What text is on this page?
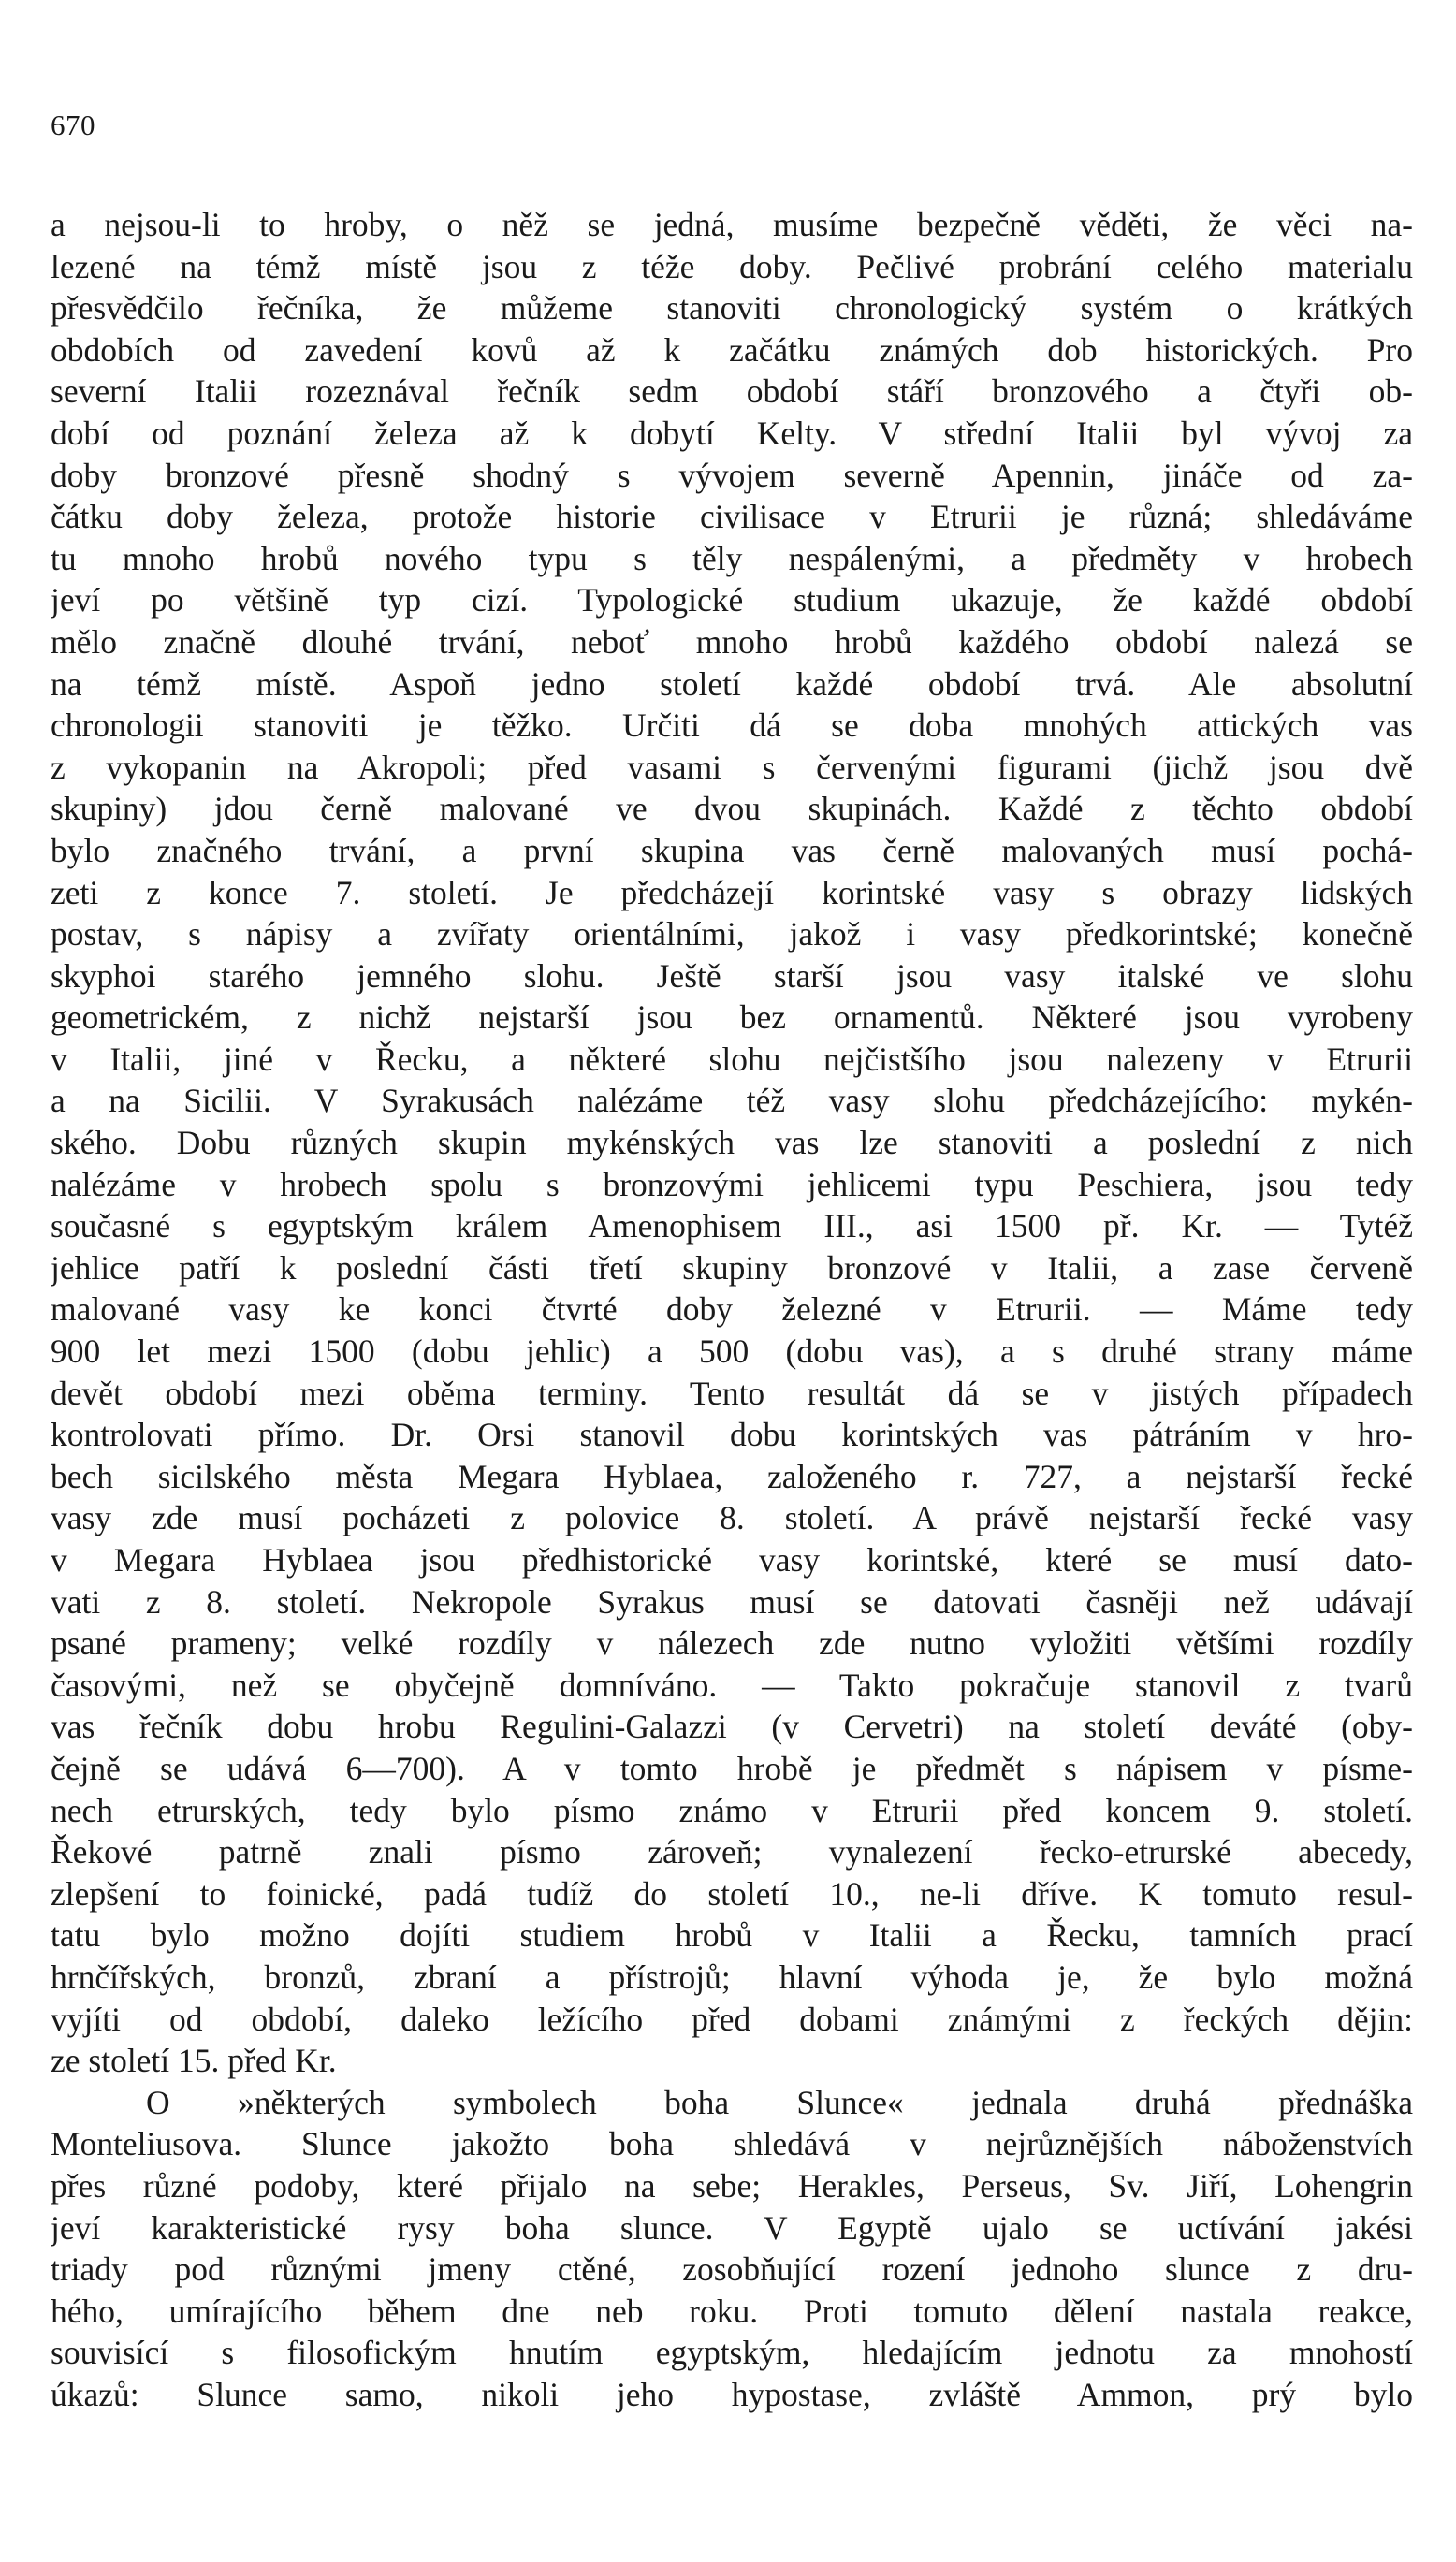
670

a nejsou-li to hroby, o něž se jedná, musíme bezpečně věděti, že věci na-
lezené na témž místě jsou z téže doby. Pečlivé probrání celého materialu
přesvědčilo řečníka, že můžeme stanoviti chronologický systém o krátkých
obdobích od zavedení kovů až k začátku známých dob historických. Pro
severní Italii rozeznával řečník sedm období stáří bronzového a čtyři ob-
dobí od poznání železa až k dobytí Kelty. V střední Italii byl vývoj za
doby bronzové přesně shodný s vývojem severně Apennin, jináče od za-
čátku doby železa, protože historie civilisace v Etrurii je různá; shledáváme
tu mnoho hrobů nového typu s těly nespálenými, a předměty v hrobech
jeví po většině typ cizí. Typologické studium ukazuje, že každé období
mělo značně dlouhé trvání, neboť mnoho hrobů každého období nalezá se
na témž místě. Aspoň jedno století každé období trvá. Ale absolutní
chronologii stanoviti je těžko. Určiti dá se doba mnohých attických vas
z vykopanin na Akropoli; před vasami s červenými figurami (jichž jsou dvě
skupiny) jdou černě malované ve dvou skupinách. Každé z těchto období
bylo značného trvání, a první skupina vas černě malovaných musí pochá-
zeti z konce 7. století. Je předcházejí korintské vasy s obrazy lidských
postav, s nápisy a zvířaty orientálními, jakož i vasy předkorintské; konečně
skyphoi starého jemného slohu. Ještě starší jsou vasy italské ve slohu
geometrickém, z nichž nejstarší jsou bez ornamentů. Některé jsou vyrobeny
v Italii, jiné v Řecku, a některé slohu nejčistšího jsou nalezeny v Etrurii
a na Sicilii. V Syrakusách nalézáme též vasy slohu předcházejícího: mykén-
ského. Dobu různých skupin mykénských vas lze stanoviti a poslední z nich
nalézáme v hrobech spolu s bronzovými jehlicemi typu Peschiera, jsou tedy
současné s egyptským králem Amenophisem III., asi 1500 př. Kr. — Tytéž
jehlice patří k poslední části třetí skupiny bronzové v Italii, a zase červeně
malované vasy ke konci čtvrté doby železné v Etrurii. — Máme tedy
900 let mezi 1500 (dobu jehlic) a 500 (dobu vas), a s druhé strany máme
devět období mezi oběma terminy. Tento resultát dá se v jistých případech
kontrolovati přímo. Dr. Orsi stanovil dobu korintských vas pátráním v hro-
bech sicilského města Megara Hyblaea, založeného r. 727, a nejstarší řecké
vasy zde musí pocházeti z polovice 8. století. A právě nejstarší řecké vasy
v Megara Hyblaea jsou předhistorické vasy korintské, které se musí dato-
vati z 8. století. Nekropole Syrakus musí se datovati časněji než udávají
psané prameny; velké rozdíly v nálezech zde nutno vyložiti většími rozdíly
časovými, než se obyčejně domníváno. — Takto pokračuje stanovil z tvarů
vas řečník dobu hrobu Regulini-Galazzi (v Cervetri) na století deváté (oby-
čejně se udává 6—700). A v tomto hrobě je předmět s nápisem v písme-
nech etrurských, tedy bylo písmo známo v Etrurii před koncem 9. století.
Řekové patrně znali písmo zároveň; vynalezení řecko-etrurské abecedy,
zlepšení to foinické, padá tudíž do století 10., ne-li dříve. K tomuto resul-
tatu bylo možno dojíti studiem hrobů v Italii a Řecku, tamních prací
hrnčířských, bronzů, zbraní a přístrojů; hlavní výhoda je, že bylo možná
vyjíti od období, daleko ležícího před dobami známými z řeckých dějin:
ze století 15. před Kr.

O »některých symbolech boha Slunce« jednala druhá přednáška
Monteliusova. Slunce jakožto boha shledává v nejrůznějších náboženstvích
přes různé podoby, které přijalo na sebe; Herakles, Perseus, Sv. Jiří, Lohengrin
jeví karakteristické rysy boha slunce. V Egyptě ujalo se uctívání jakési
triady pod různými jmeny ctěné, zosobňující rození jednoho slunce z dru-
hého, umírajícího během dne neb roku. Proti tomuto dělení nastala reakce,
souvisící s filosofickým hnutím egyptským, hledajícím jednotu za mnohostí
úkazů: Slunce samo, nikoli jeho hypostase, zvláště Ammon, prý bylo
